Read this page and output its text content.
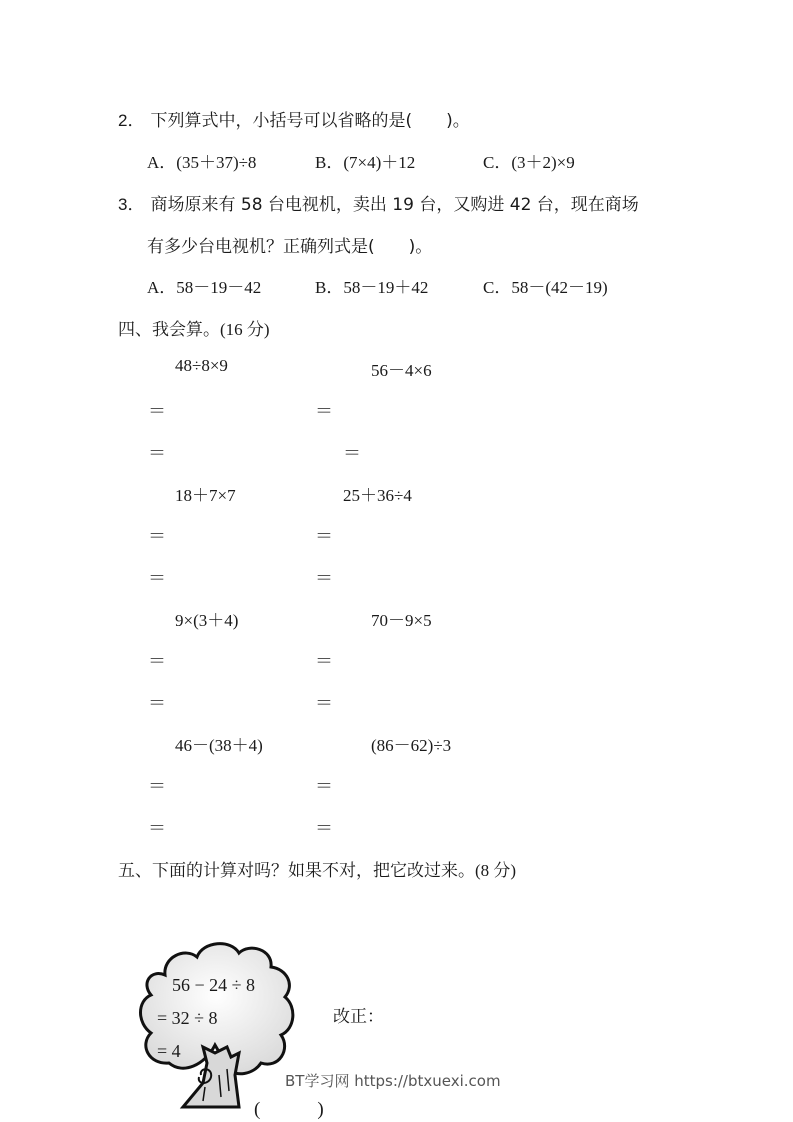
2． 下列算式中，小括号可以省略的是(　　)。
A．(35＋37)÷8	B．(7×4)＋12	C．(3＋2)×9
3． 商场原来有 58 台电视机，卖出 19 台，又购进 42 台，现在商场
有多少台电视机？正确列式是(　　)。
A．58－19－42	B．58－19＋42	C．58－(42－19)
四、我会算。(16 分)
48÷8×9	56－4×6
＝	＝
＝	＝
18＋7×7	25＋36÷4
＝	＝
＝	＝
9×(3＋4)	70－9×5
＝	＝
＝	＝
46－(38＋4)	(86－62)÷3
＝	＝
＝	＝
五、下面的计算对吗？如果不对，把它改过来。(8 分)
56 − 24 ÷ 8
= 32 ÷ 8
= 4
改正：
(　　　)
BT学习网 https://btxuexi.com
